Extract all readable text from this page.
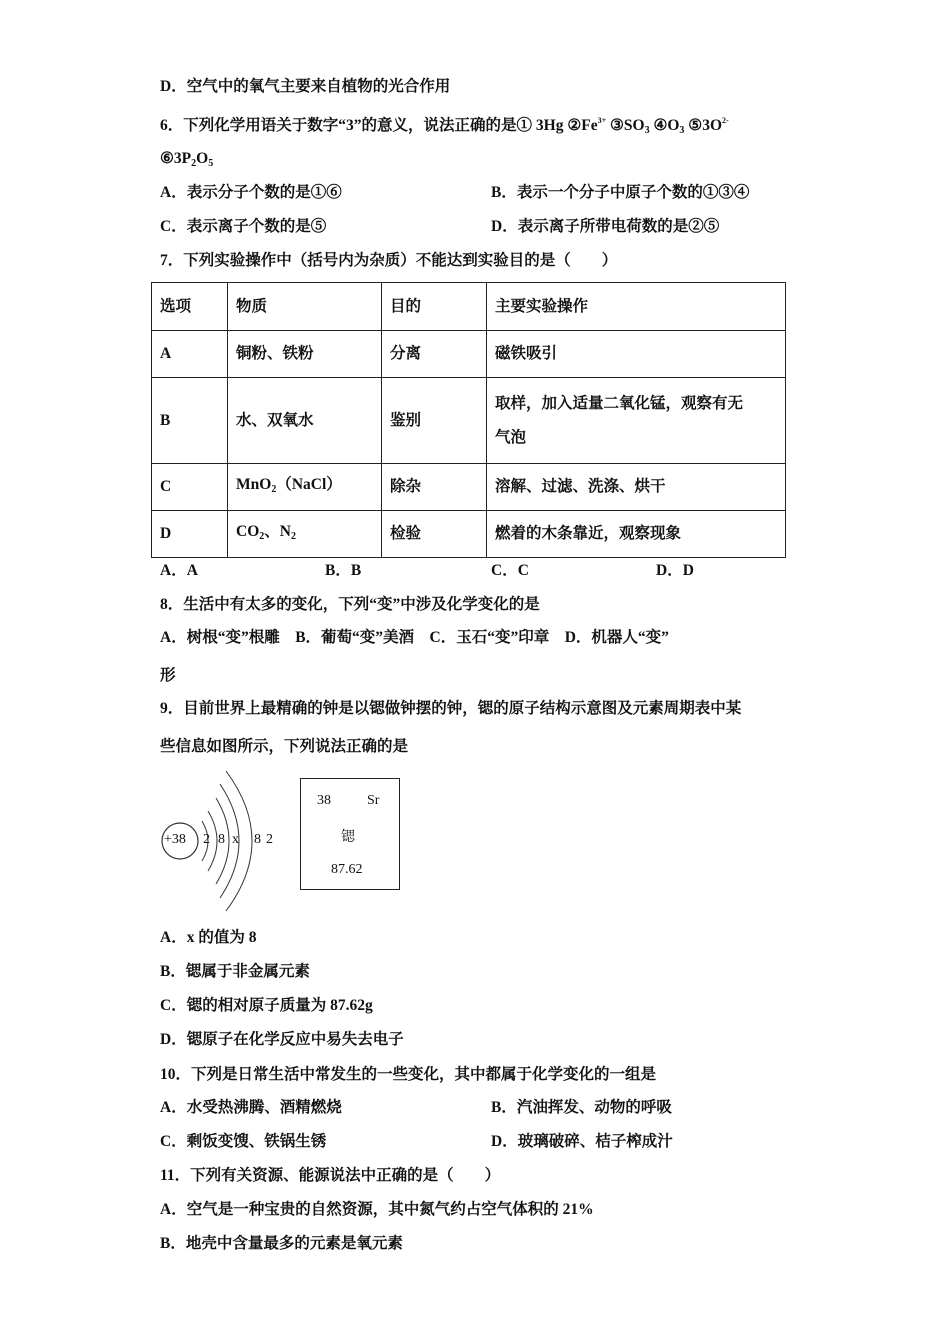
D．空气中的氧气主要来自植物的光合作用
6．下列化学用语关于数字“3”的意义，说法正确的是① 3Hg $②Fe^{3+}$ $③SO_3$ $④O_3$ $⑤3O^{2-}$
$⑥3P_2O_5$
A．表示分子个数的是①⑥	B．表示一个分子中原子个数的①③④
C．表示离子个数的是⑤	D．表示离子所带电荷数的是②⑤
7．下列实验操作中（括号内为杂质）不能达到实验目的是（　　）
选项	物质	目的	主要实验操作
A	铜粉、铁粉	分离	磁铁吸引
B	水、双氧水	鉴别	取样，加入适量二氧化锰，观察有无
气泡

C	MnO$_2$（NaCl）	除杂	溶解、过滤、洗涤、烘干
D	$CO_2$、$N_2$	检验	燃着的木条靠近，观察现象
A．A	B．B	C．C	D．D
8．生活中有太多的变化，下列“变”中涉及化学变化的是
A．树根“变”根雕　B．葡萄“变”美酒　C．玉石“变”印章　D．机器人“变”
形
9．目前世界上最精确的钟是以锶做钟摆的钟，锶的原子结构示意图及元素周期表中某
些信息如图所示，下列说法正确的是
+38 2 8 x 8 2
38	Sr
锶
87.62
A．x 的值为 8
B．锶属于非金属元素
C．锶的相对原子质量为 87.62g
D．锶原子在化学反应中易失去电子
10．下列是日常生活中常发生的一些变化，其中都属于化学变化的一组是
A．水受热沸腾、酒精燃烧	B．汽油挥发、动物的呼吸
C．剩饭变馊、铁锅生锈	D．玻璃破碎、桔子榨成汁
11．下列有关资源、能源说法中正确的是（　　）
A．空气是一种宝贵的自然资源，其中氮气约占空气体积的 21%
B．地壳中含量最多的元素是氧元素
